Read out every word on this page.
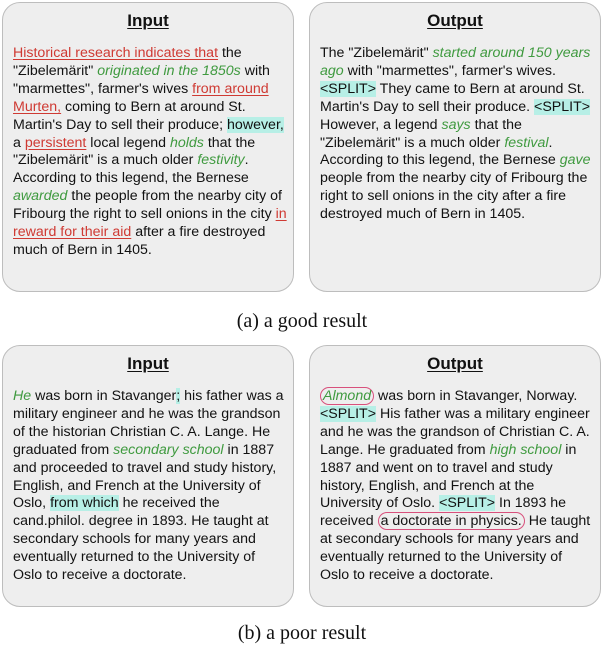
Input

Historical research indicates that the "Zibelemärit" originated in the 1850s with "marmettes", farmer's wives from around Murten, coming to Bern at around St. Martin's Day to sell their produce; however, a persistent local legend holds that the "Zibelemärit" is a much older festivity. According to this legend, the Bernese awarded the people from the nearby city of Fribourg the right to sell onions in the city in reward for their aid after a fire destroyed much of Bern in 1405.

Output

The "Zibelemärit" started around 150 years ago with "marmettes", farmer's wives. <SPLIT> They came to Bern at around St. Martin's Day to sell their produce. <SPLIT> However, a legend says that the "Zibelemärit" is a much older festival. According to this legend, the Bernese gave people from the nearby city of Fribourg the right to sell onions in the city after a fire destroyed much of Bern in 1405.

(a) a good result
Input

He was born in Stavanger; his father was a military engineer and he was the grandson of the historian Christian C. A. Lange. He graduated from secondary school in 1887 and proceeded to travel and study history, English, and French at the University of Oslo, from which he received the cand.philol. degree in 1893. He taught at secondary schools for many years and eventually returned to the University of Oslo to receive a doctorate.

Output

Almond was born in Stavanger, Norway. <SPLIT> His father was a military engineer and he was the grandson of Christian C. A. Lange. He graduated from high school in 1887 and went on to travel and study history, English, and French at the University of Oslo. <SPLIT> In 1893 he received a doctorate in physics. He taught at secondary schools for many years and eventually returned to the University of Oslo to receive a doctorate.

(b) a poor result
